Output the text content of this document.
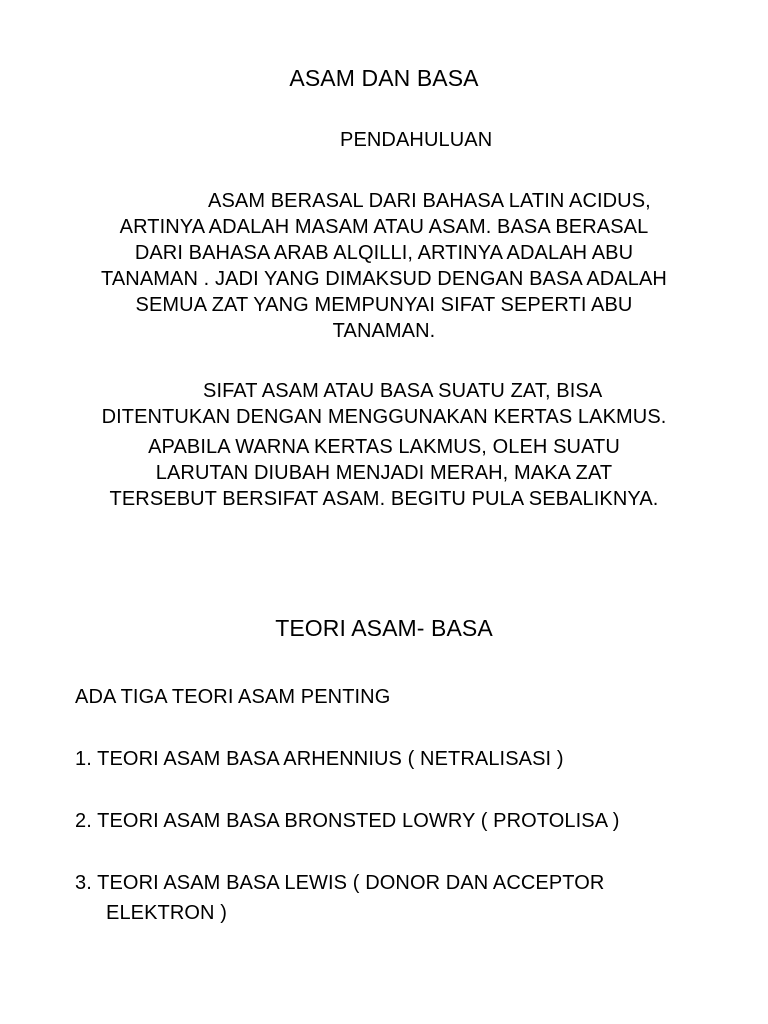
ASAM DAN BASA
PENDAHULUAN
ASAM BERASAL DARI BAHASA LATIN ACIDUS,
ARTINYA ADALAH MASAM ATAU ASAM. BASA BERASAL
DARI BAHASA ARAB ALQILLI, ARTINYA ADALAH ABU
TANAMAN . JADI YANG DIMAKSUD DENGAN BASA ADALAH
SEMUA ZAT YANG MEMPUNYAI SIFAT SEPERTI ABU
TANAMAN.
SIFAT ASAM ATAU BASA SUATU ZAT, BISA
DITENTUKAN DENGAN MENGGUNAKAN KERTAS LAKMUS.
APABILA WARNA KERTAS LAKMUS, OLEH SUATU
LARUTAN DIUBAH MENJADI MERAH, MAKA ZAT
TERSEBUT BERSIFAT ASAM. BEGITU PULA SEBALIKNYA.
TEORI ASAM- BASA
ADA TIGA TEORI ASAM PENTING
1. TEORI ASAM BASA ARHENNIUS ( NETRALISASI )
2. TEORI ASAM BASA BRONSTED LOWRY ( PROTOLISA )
3. TEORI ASAM BASA LEWIS ( DONOR DAN ACCEPTOR
ELEKTRON )
